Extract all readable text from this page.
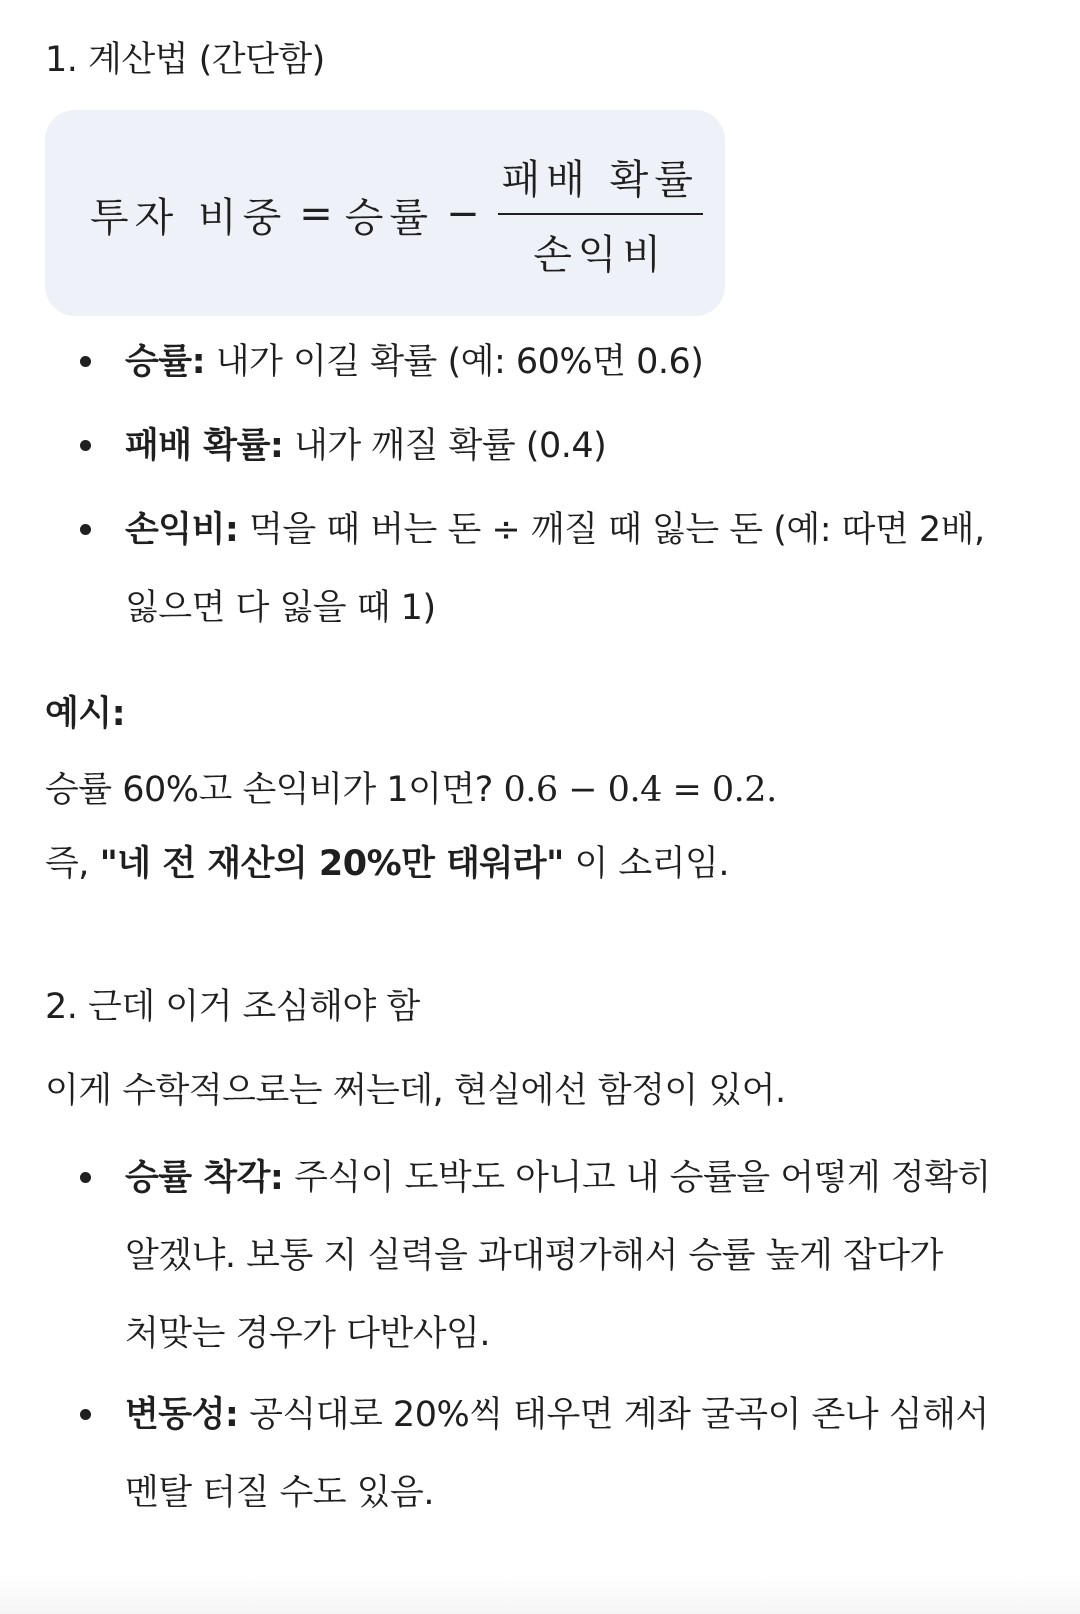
1. 계산법 (간단함)
투자 비중 = 승률 − $\frac{\text{패배 확률}}{\text{손익비}}$
승률: 내가 이길 확률 (예: 60%면 0.6)
패배 확률: 내가 깨질 확률 (0.4)
손익비: 먹을 때 버는 돈 ÷ 깨질 때 잃는 돈 (예: 따면 2배, 잃으면 다 잃을 때 1)
예시:
승률 60%고 손익비가 1이면? 0.6 − 0.4 = 0.2.
즉, "네 전 재산의 20%만 태워라" 이 소리임.
2. 근데 이거 조심해야 함
이게 수학적으로는 쩌는데, 현실에선 함정이 있어.
승률 착각: 주식이 도박도 아니고 내 승률을 어떻게 정확히 알겠냐. 보통 지 실력을 과대평가해서 승률 높게 잡다가 처맞는 경우가 다반사임.
변동성: 공식대로 20%씩 태우면 계좌 굴곡이 존나 심해서 멘탈 터질 수도 있음.
